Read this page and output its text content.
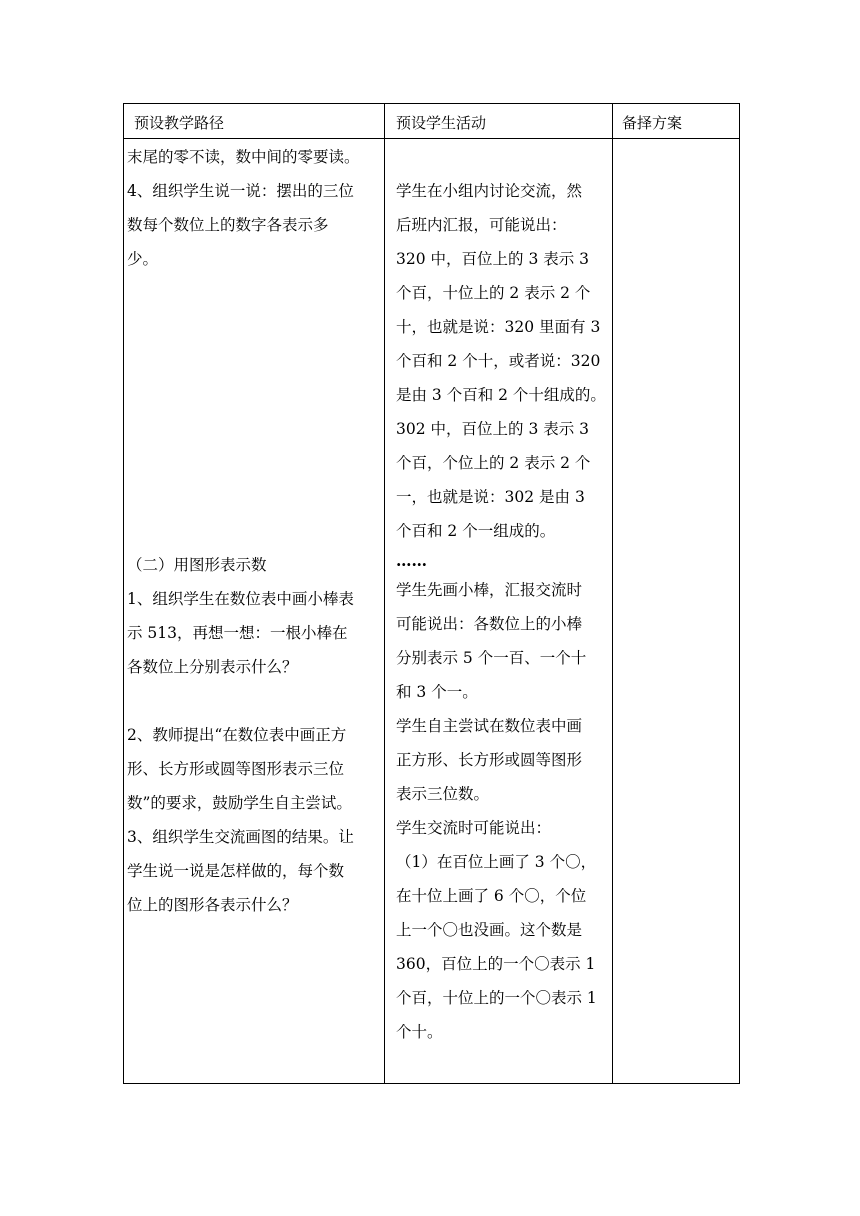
预设教学路径	预设学生活动	备择方案
末尾的零不读，数中间的零要读。
4、组织学生说一说：摆出的三位
数每个数位上的数字各表示多
少。
（二）用图形表示数
1、组织学生在数位表中画小棒表
示 513，再想一想：一根小棒在
各数位上分别表示什么？
2、教师提出“在数位表中画正方
形、长方形或圆等图形表示三位
数”的要求，鼓励学生自主尝试。
3、组织学生交流画图的结果。让
学生说一说是怎样做的，每个数
位上的图形各表示什么？
学生在小组内讨论交流，然
后班内汇报，可能说出：
320 中，百位上的 3 表示 3
个百，十位上的 2 表示 2 个
十，也就是说：320 里面有 3
个百和 2 个十，或者说：320
是由 3 个百和 2 个十组成的。
302 中，百位上的 3 表示 3
个百，个位上的 2 表示 2 个
一，也就是说：302 是由 3
个百和 2 个一组成的。
……
学生先画小棒，汇报交流时
可能说出：各数位上的小棒
分别表示 5 个一百、一个十
和 3 个一。
学生自主尝试在数位表中画
正方形、长方形或圆等图形
表示三位数。
学生交流时可能说出：
（1）在百位上画了 3 个〇，
在十位上画了 6 个〇，个位
上一个〇也没画。这个数是
360，百位上的一个〇表示 1
个百，十位上的一个〇表示 1
个十。
